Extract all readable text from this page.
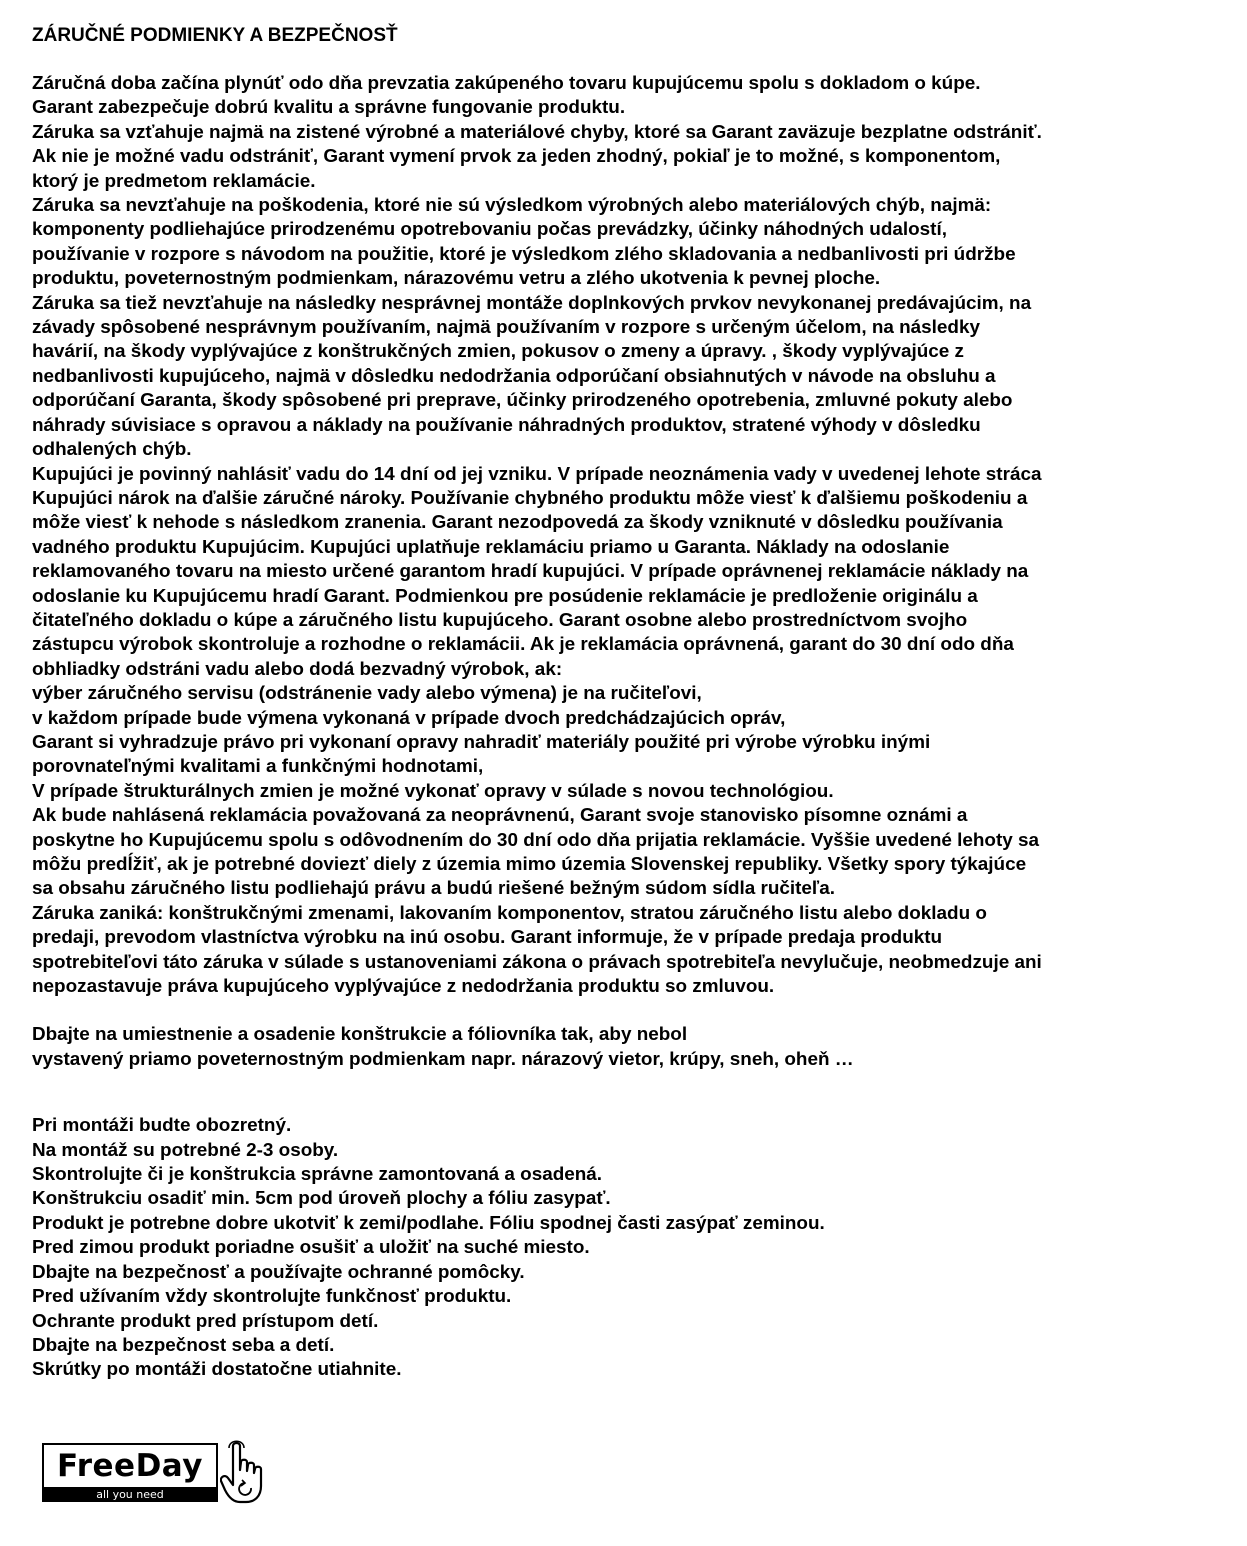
ZÁRUČNÉ PODMIENKY A BEZPEČNOSŤ

Záručná doba začína plynúť odo dňa prevzatia zakúpeného tovaru kupujúcemu spolu s dokladom o kúpe.
Garant zabezpečuje dobrú kvalitu a správne fungovanie produktu.
Záruka sa vzťahuje najmä na zistené výrobné a materiálové chyby, ktoré sa Garant zaväzuje bezplatne odstrániť.
Ak nie je možné vadu odstrániť, Garant vymení prvok za jeden zhodný, pokiaľ je to možné, s komponentom,
ktorý je predmetom reklamácie.
Záruka sa nevzťahuje na poškodenia, ktoré nie sú výsledkom výrobných alebo materiálových chýb, najmä:
komponenty podliehajúce prirodzenému opotrebovaniu počas prevádzky, účinky náhodných udalostí,
používanie v rozpore s návodom na použitie, ktoré je výsledkom zlého skladovania a nedbanlivosti pri údržbe
produktu, poveternostným podmienkam, nárazovému vetru a zlého ukotvenia k pevnej ploche.
Záruka sa tiež nevzťahuje na následky nesprávnej montáže doplnkových prvkov nevykonanej predávajúcim, na
závady spôsobené nesprávnym používaním, najmä používaním v rozpore s určeným účelom, na následky
havárií, na škody vyplývajúce z konštrukčných zmien, pokusov o zmeny a úpravy. , škody vyplývajúce z
nedbanlivosti kupujúceho, najmä v dôsledku nedodržania odporúčaní obsiahnutých v návode na obsluhu a
odporúčaní Garanta, škody spôsobené pri preprave, účinky prirodzeného opotrebenia, zmluvné pokuty alebo
náhrady súvisiace s opravou a náklady na používanie náhradných produktov, stratené výhody v dôsledku
odhalených chýb.
Kupujúci je povinný nahlásiť vadu do 14 dní od jej vzniku. V prípade neoznámenia vady v uvedenej lehote stráca
Kupujúci nárok na ďalšie záručné nároky. Používanie chybného produktu môže viesť k ďalšiemu poškodeniu a
môže viesť k nehode s následkom zranenia. Garant nezodpovedá za škody vzniknuté v dôsledku používania
vadného produktu Kupujúcim. Kupujúci uplatňuje reklamáciu priamo u Garanta. Náklady na odoslanie
reklamovaného tovaru na miesto určené garantom hradí kupujúci. V prípade oprávnenej reklamácie náklady na
odoslanie ku Kupujúcemu hradí Garant. Podmienkou pre posúdenie reklamácie je predloženie originálu a
čitateľného dokladu o kúpe a záručného listu kupujúceho. Garant osobne alebo prostredníctvom svojho
zástupcu výrobok skontroluje a rozhodne o reklamácii. Ak je reklamácia oprávnená, garant do 30 dní odo dňa
obhliadky odstráni vadu alebo dodá bezvadný výrobok, ak:
výber záručného servisu (odstránenie vady alebo výmena) je na ručiteľovi,
v každom prípade bude výmena vykonaná v prípade dvoch predchádzajúcich opráv,
Garant si vyhradzuje právo pri vykonaní opravy nahradiť materiály použité pri výrobe výrobku inými
porovnateľnými kvalitami a funkčnými hodnotami,
V prípade štrukturálnych zmien je možné vykonať opravy v súlade s novou technológiou.
Ak bude nahlásená reklamácia považovaná za neoprávnenú, Garant svoje stanovisko písomne oznámi a
poskytne ho Kupujúcemu spolu s odôvodnením do 30 dní odo dňa prijatia reklamácie. Vyššie uvedené lehoty sa
môžu predĺžiť, ak je potrebné doviezť diely z územia mimo územia Slovenskej republiky. Všetky spory týkajúce
sa obsahu záručného listu podliehajú právu a budú riešené bežným súdom sídla ručiteľa.
Záruka zaniká: konštrukčnými zmenami, lakovaním komponentov, stratou záručného listu alebo dokladu o
predaji, prevodom vlastníctva výrobku na inú osobu. Garant informuje, že v prípade predaja produktu
spotrebiteľovi táto záruka v súlade s ustanoveniami zákona o právach spotrebiteľa nevylučuje, neobmedzuje ani
nepozastavuje práva kupujúceho vyplývajúce z nedodržania produktu so zmluvou.

Dbajte na umiestnenie a osadenie konštrukcie a fóliovníka tak, aby nebol
vystavený priamo poveternostným podmienkam napr. nárazový vietor, krúpy, sneh, oheň …

Pri montáži budte obozretný.
Na montáž su potrebné 2-3 osoby.
Skontrolujte či je konštrukcia správne zamontovaná a osadená.
Konštrukciu osadiť min. 5cm pod úroveň plochy a fóliu zasypať.
Produkt je potrebne dobre ukotviť k zemi/podlahe. Fóliu spodnej časti zasýpať zeminou.
Pred zimou produkt poriadne osušiť a uložiť na suché miesto.
Dbajte na bezpečnosť a používajte ochranné pomôcky.
Pred užívaním vždy skontrolujte funkčnosť produktu.
Ochrante produkt pred prístupom detí.
Dbajte na bezpečnost seba a detí.
Skrútky po montáži dostatočne utiahnite.
FreeDay
all you need
